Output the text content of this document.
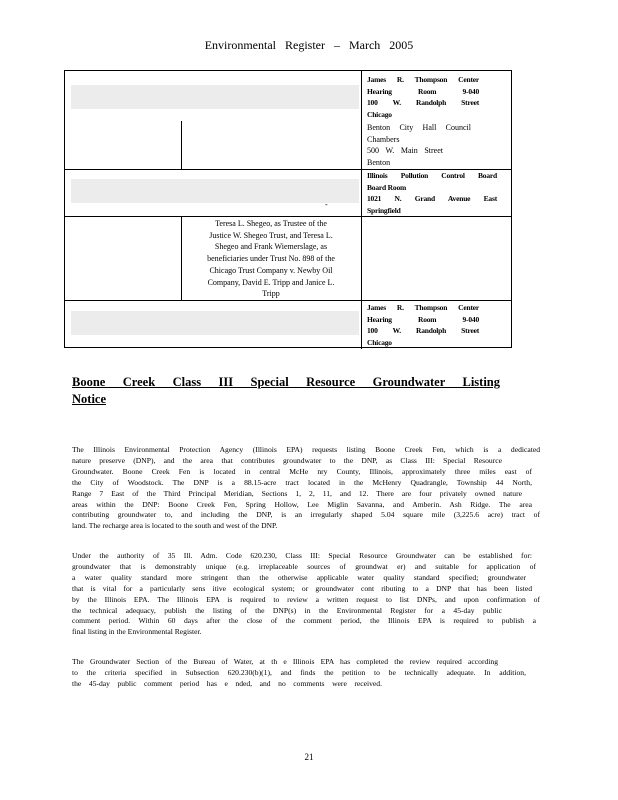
Environmental Register – March 2005
-
James R. Thompson Center
Hearing Room 9-040
100 W. Randolph Street
Chicago
Benton City Hall Council
Chambers
500 W. Main Street
Benton
Illinois Pollution Control Board
Board Room
1021 N. Grand Avenue East
Springfield
Teresa L. Shegeo, as Trustee of the
Justice W. Shegeo Trust, and Teresa L.
Shegeo and Frank Wiemerslage, as
beneficiaries under Trust No. 898 of the
Chicago Trust Company v. Newby Oil
Company, David E. Tripp and Janice L.
Tripp
James R. Thompson Center
Hearing Room 9-040
100 W. Randolph Street
Chicago
Boone Creek Class III Special Resource Groundwater Listing
Notice
The Illinois Environmental Protection Agency (Illinois EPA) requests listing Boone Creek Fen, which is a dedicated
nature preserve (DNP), and the area that contributes groundwater to the DNP, as Class III: Special Resource
Groundwater. Boone Creek Fen is located in central McHe nry County, Illinois, approximately three miles east of
the City of Woodstock. The DNP is a 88.15-acre tract located in the McHenry Quadrangle, Township 44 North,
Range 7 East of the Third Principal Meridian, Sections 1, 2, 11, and 12. There are four privately owned nature
areas within the DNP: Boone Creek Fen, Spring Hollow, Lee Miglin Savanna, and Amberin. Ash Ridge. The area
contributing groundwater to, and including the DNP, is an irregularly shaped 5.04 square mile (3,225.6 acre) tract of
land. The recharge area is located to the south and west of the DNP.
Under the authority of 35 Ill. Adm. Code 620.230, Class III: Special Resource Groundwater can be established for:
groundwater that is demonstrably unique (e.g. irreplaceable sources of groundwat er) and suitable for application of
a water quality standard more stringent than the otherwise applicable water quality standard specified; groundwater
that is vital for a particularly sens itive ecological system; or groundwater cont ributing to a DNP that has been listed
by the Illinois EPA. The Illinois EPA is required to review a written request to list DNPs, and upon confirmation of
the technical adequacy, publish the listing of the DNP(s) in the Environmental Register for a 45-day public
comment period. Within 60 days after the close of the comment period, the Illinois EPA is required to publish a
final listing in the Environmental Register.
The Groundwater Section of the Bureau of Water, at th e Illinois EPA has completed the review required according
to the criteria specified in Subsection 620.230(b)(1), and finds the petition to be technically adequate. In addition,
the 45-day public comment period has e nded, and no comments were received.
21
